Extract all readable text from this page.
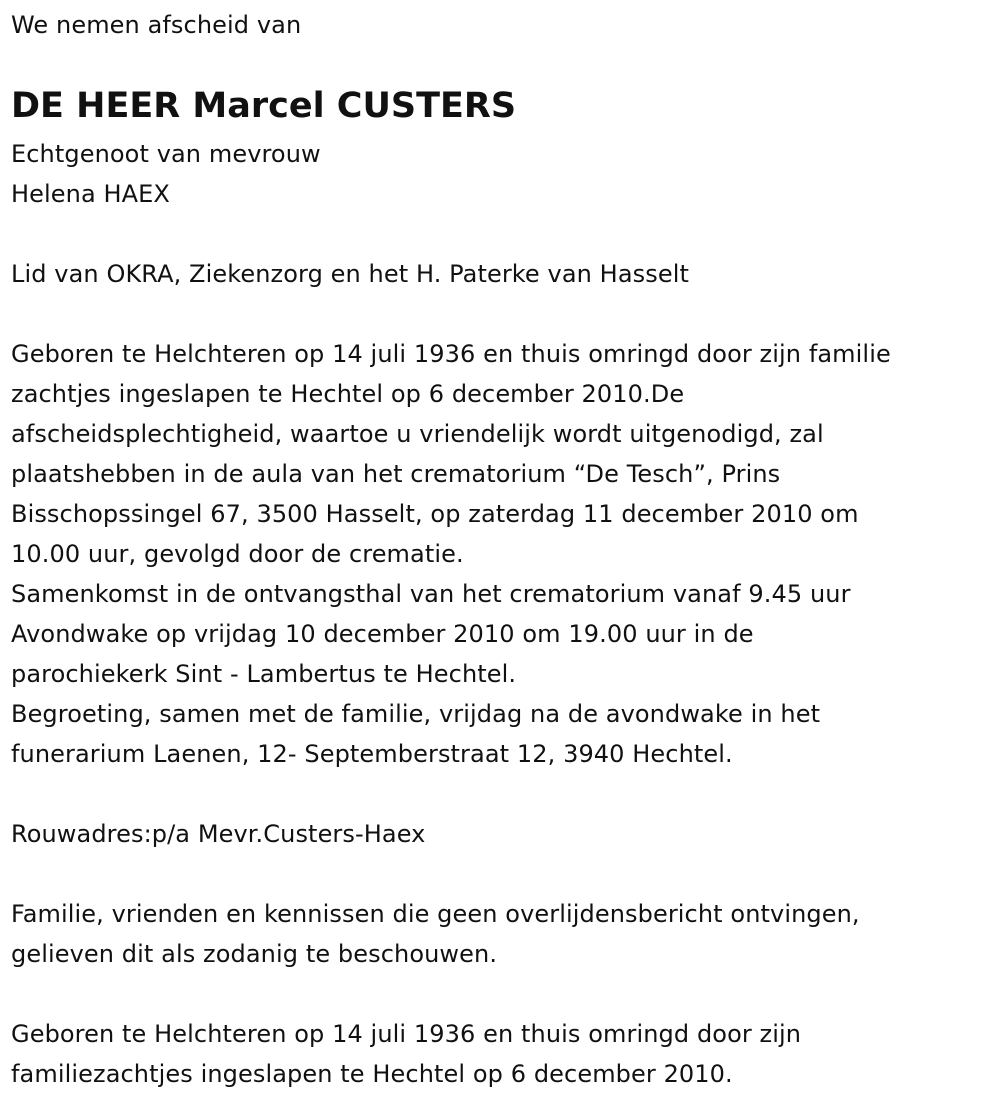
We nemen afscheid van
DE HEER Marcel CUSTERS
Echtgenoot van mevrouw
Helena HAEX
Lid van OKRA, Ziekenzorg en het H. Paterke van Hasselt
Geboren te Helchteren op 14 juli 1936 en thuis omringd door zijn familie
zachtjes ingeslapen te Hechtel op 6 december 2010.De
afscheidsplechtigheid, waartoe u vriendelijk wordt uitgenodigd, zal
plaatshebben in de aula van het crematorium “De Tesch”, Prins
Bisschopssingel 67, 3500 Hasselt, op zaterdag 11 december 2010 om
10.00 uur, gevolgd door de crematie.
Samenkomst in de ontvangsthal van het crematorium vanaf 9.45 uur
Avondwake op vrijdag 10 december 2010 om 19.00 uur in de
parochiekerk Sint - Lambertus te Hechtel.
Begroeting, samen met de familie, vrijdag na de avondwake in het
funerarium Laenen, 12- Septemberstraat 12, 3940 Hechtel.
Rouwadres:p/a Mevr.Custers-Haex
Familie, vrienden en kennissen die geen overlijdensbericht ontvingen,
gelieven dit als zodanig te beschouwen.
Geboren te Helchteren op 14 juli 1936 en thuis omringd door zijn
familiezachtjes ingeslapen te Hechtel op 6 december 2010.
